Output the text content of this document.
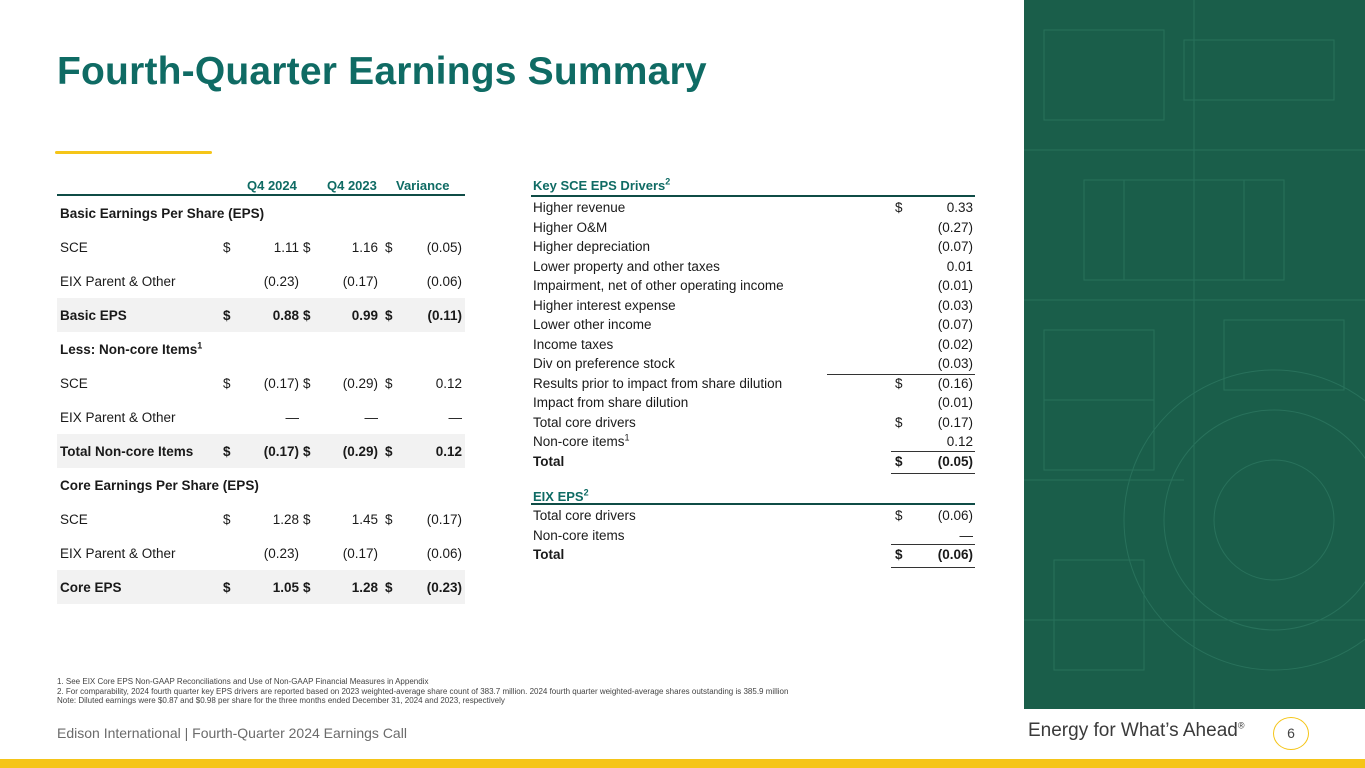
Fourth-Quarter Earnings Summary
Q4 2024 Q4 2023 Variance
Basic Earnings Per Share (EPS)
SCE	$	1.11 $	1.16 $	(0.05)
EIX Parent & Other	(0.23)	(0.17)	(0.06)
Basic EPS	$	0.88 $	0.99 $	(0.11)
Less: Non-core Items$^1$
SCE	$ (0.17) $ (0.29) $	0.12
EIX Parent & Other	—	—	—
Total Non-core Items $ (0.17) $ (0.29) $	0.12
Core Earnings Per Share (EPS)
SCE	$	1.28 $	1.45 $	(0.17)
EIX Parent & Other	(0.23)	(0.17)	(0.06)
Core EPS	$	1.05 $	1.28 $	(0.23)
Key SCE EPS Drivers$^2$
Higher revenue	$	0.33
Higher O&M	(0.27)
Higher depreciation	(0.07)
Lower property and other taxes	0.01
Impairment, net of other operating income	(0.01)
Higher interest expense	(0.03)
Lower other income	(0.07)
Income taxes	(0.02)
Div on preference stock	(0.03)
Results prior to impact from share dilution	$	(0.16)
Impact from share dilution	(0.01)
Total core drivers	$	(0.17)
Non-core items$^1$	0.12
Total	$	(0.05)
EIX EPS$^2$
Total core drivers	$	(0.06)
Non-core items	—
Total	$	(0.06)
1. See EIX Core EPS Non-GAAP Reconciliations and Use of Non-GAAP Financial Measures in Appendix
2. For comparability, 2024 fourth quarter key EPS drivers are reported based on 2023 weighted-average share count of 383.7 million. 2024 fourth quarter weighted-average shares outstanding is 385.9 million
Note: Diluted earnings were $0.87 and $0.98 per share for the three months ended December 31, 2024 and 2023, respectively
Edison International | Fourth-Quarter 2024 Earnings Call	Energy for What’s Ahead®	6
